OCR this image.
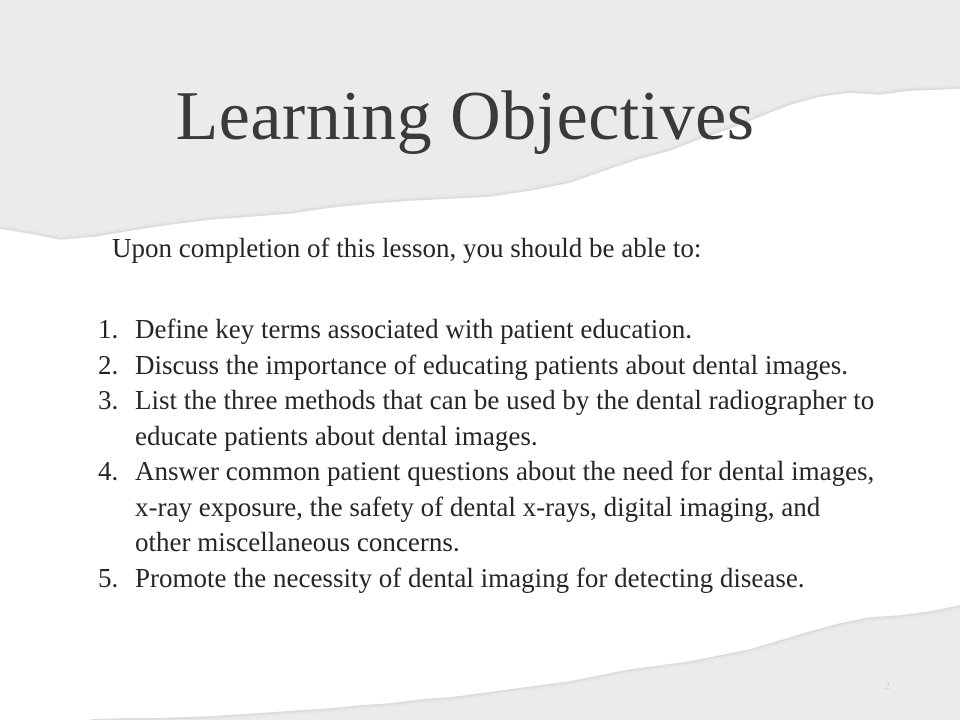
Learning Objectives

Upon completion of this lesson, you should be able to:

1. Define key terms associated with patient education.
2. Discuss the importance of educating patients about dental images.
3. List the three methods that can be used by the dental radiographer to educate patients about dental images.
4. Answer common patient questions about the need for dental images, x-ray exposure, the safety of dental x-rays, digital imaging, and other miscellaneous concerns.
5. Promote the necessity of dental imaging for detecting disease.
2
